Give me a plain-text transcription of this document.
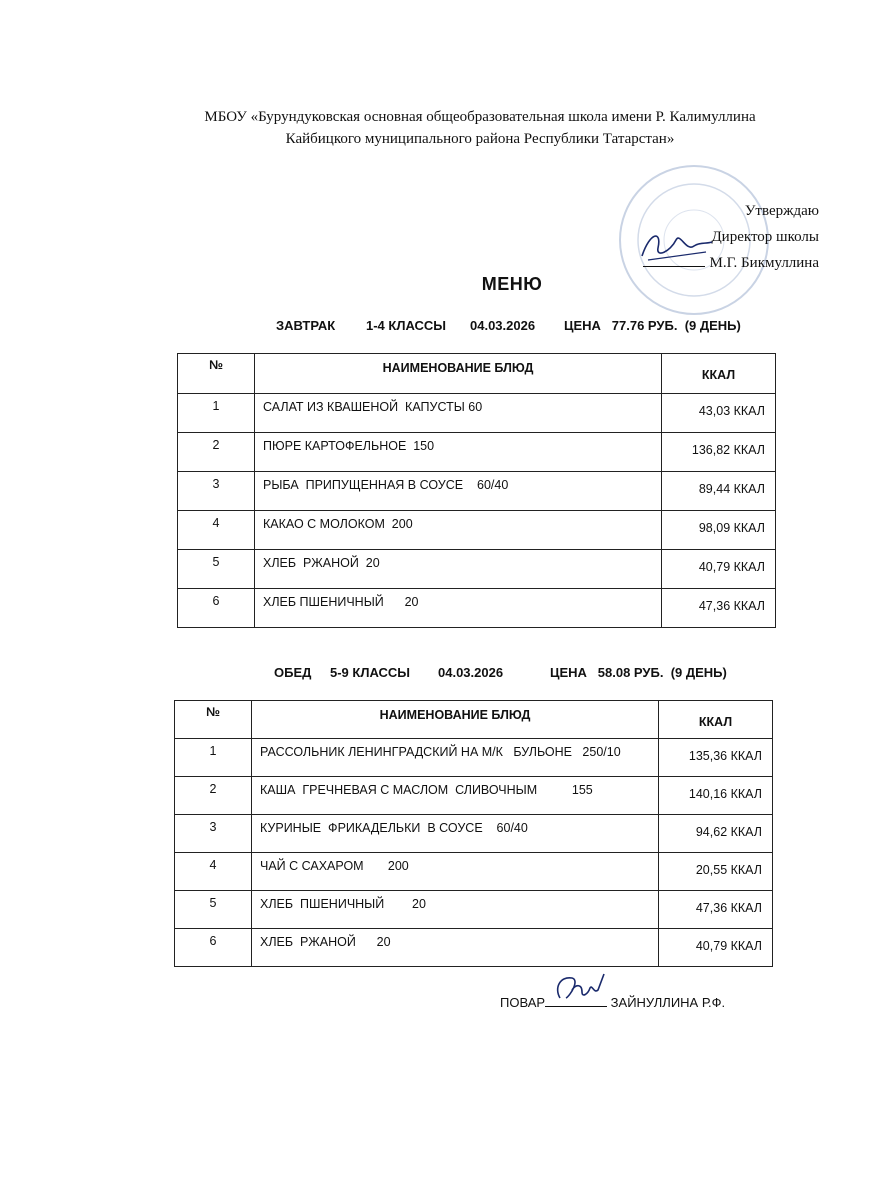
МБОУ «Бурундуковская основная общеобразовательная школа имени Р. Калимуллина
Кайбицкого муниципального района Республики Татарстан»
Утверждаю
Директор школы
М.Г. Бикмуллина
МЕНЮ
ЗАВТРАК 1-4 КЛАССЫ 04.03.2026 ЦЕНА   77.76 РУБ.  (9 ДЕНЬ)
№	НАИМЕНОВАНИЕ БЛЮД	ККАЛ

1	САЛАТ ИЗ КВАШЕНОЙ  КАПУСТЫ 60	43,03 ККАЛ

2	ПЮРЕ КАРТОФЕЛЬНОЕ  150	136,82 ККАЛ

3	РЫБА  ПРИПУЩЕННАЯ В СОУСЕ    60/40	89,44 ККАЛ

4	КАКАО С МОЛОКОМ  200	98,09 ККАЛ

5	ХЛЕБ  РЖАНОЙ  20	40,79 ККАЛ

6	ХЛЕБ ПШЕНИЧНЫЙ      20	47,36 ККАЛ
ОБЕД 5-9 КЛАССЫ 04.03.2026	ЦЕНА   58.08 РУБ.  (9 ДЕНЬ)
№	НАИМЕНОВАНИЕ БЛЮД	ККАЛ

1	РАССОЛЬНИК ЛЕНИНГРАДСКИЙ НА М/К   БУЛЬОНЕ   250/10	135,36 ККАЛ

2	КАША  ГРЕЧНЕВАЯ С МАСЛОМ  СЛИВОЧНЫМ          155	140,16 ККАЛ

3	КУРИНЫЕ  ФРИКАДЕЛЬКИ  В СОУСЕ    60/40	94,62 ККАЛ

4	ЧАЙ С САХАРОМ       200	20,55 ККАЛ

5	ХЛЕБ  ПШЕНИЧНЫЙ        20	47,36 ККАЛ

6	ХЛЕБ  РЖАНОЙ      20	40,79 ККАЛ
ПОВАР	ЗАЙНУЛЛИНА Р.Ф.
